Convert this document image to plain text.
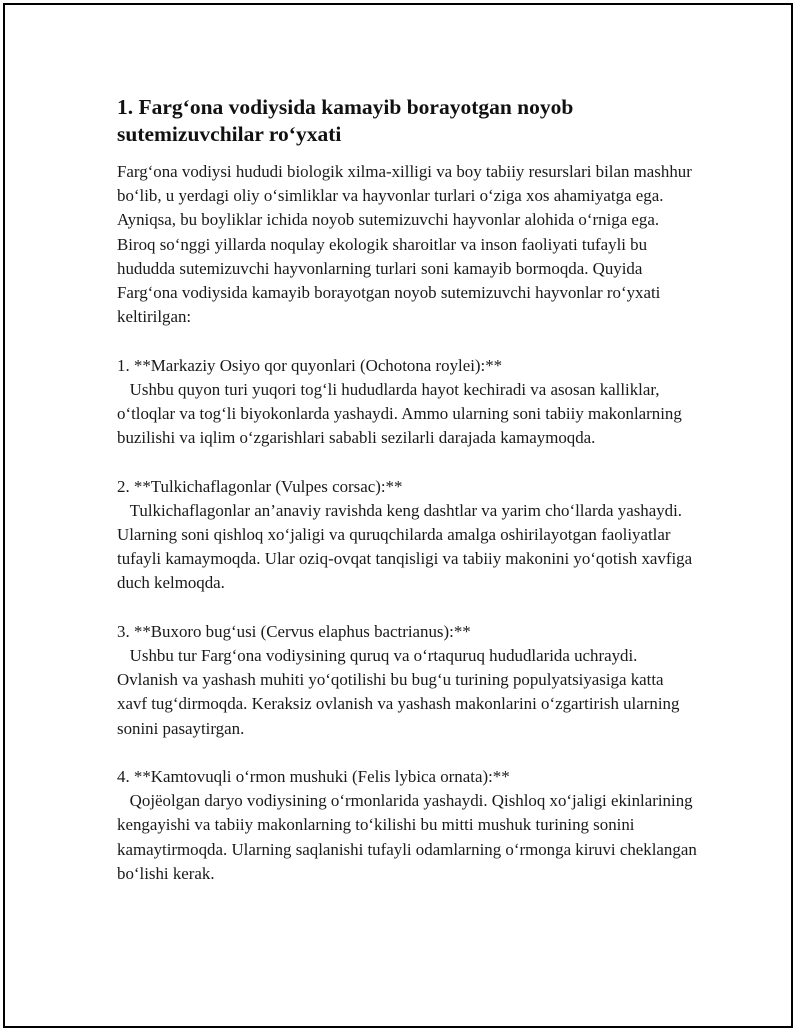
1. Farg‘ona vodiysida kamayib borayotgan noyob sutemizuvchilar ro‘yxati

Farg‘ona vodiysi hududi biologik xilma-xilligi va boy tabiiy resurslari bilan mashhur bo‘lib, u yerdagi oliy o‘simliklar va hayvonlar turlari o‘ziga xos ahamiyatga ega. Ayniqsa, bu boyliklar ichida noyob sutemizuvchi hayvonlar alohida o‘rniga ega. Biroq so‘nggi yillarda noqulay ekologik sharoitlar va inson faoliyati tufayli bu hududda sutemizuvchi hayvonlarning turlari soni kamayib bormoqda. Quyida Farg‘ona vodiysida kamayib borayotgan noyob sutemizuvchi hayvonlar ro‘yxati keltirilgan:

1. **Markaziy Osiyo qor quyonlari (Ochotona roylei):**

Ushbu quyon turi yuqori tog‘li hududlarda hayot kechiradi va asosan kalliklar, o‘tloqlar va tog‘li biyokonlarda yashaydi. Ammo ularning soni tabiiy makonlarning buzilishi va iqlim o‘zgarishlari sababli sezilarli darajada kamaymoqda.

2. **Tulkichaflagonlar (Vulpes corsac):**

Tulkichaflagonlar an’anaviy ravishda keng dashtlar va yarim cho‘llarda yashaydi. Ularning soni qishloq xo‘jaligi va quruqchilarda amalga oshirilayotgan faoliyatlar tufayli kamaymoqda. Ular oziq-ovqat tanqisligi va tabiiy makonini yo‘qotish xavfiga duch kelmoqda.

3. **Buxoro bug‘usi (Cervus elaphus bactrianus):**

Ushbu tur Farg‘ona vodiysining quruq va o‘rtaquruq hududlarida uchraydi. Ovlanish va yashash muhiti yo‘qotilishi bu bug‘u turining populyatsiyasiga katta xavf tug‘dirmoqda. Keraksiz ovlanish va yashash makonlarini o‘zgartirish ularning sonini pasaytirgan.

4. **Kamtovuqli o‘rmon mushuki (Felis lybica ornata):**

Qojëolgan daryo vodiysining o‘rmonlarida yashaydi. Qishloq xo‘jaligi ekinlarining kengayishi va tabiiy makonlarning to‘kilishi bu mitti mushuk turining sonini kamaytirmoqda. Ularning saqlanishi tufayli odamlarning o‘rmonga kiruvi cheklangan bo‘lishi kerak.
